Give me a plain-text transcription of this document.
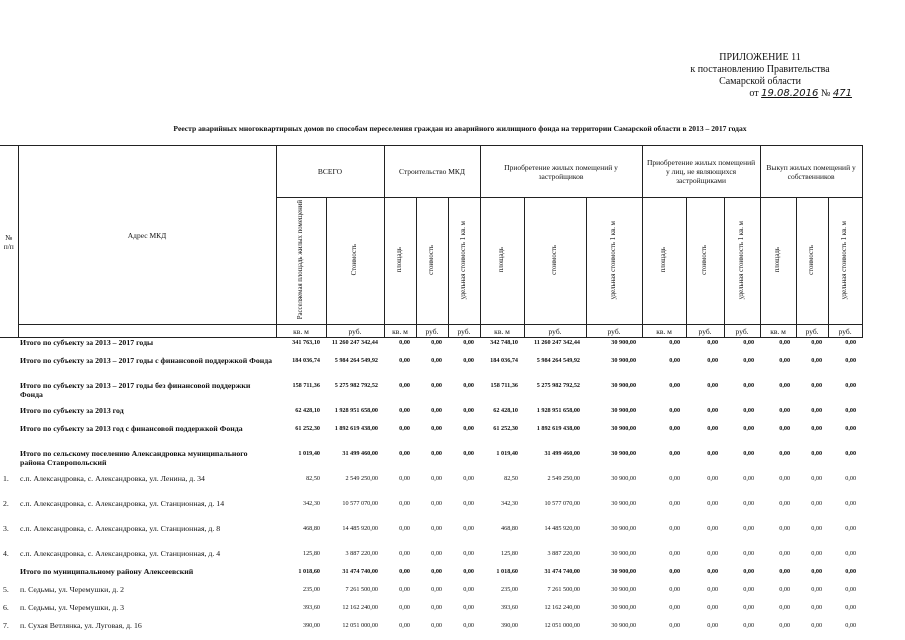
ПРИЛОЖЕНИЕ 11
к постановлению Правительства
Самарской области
от 19.08.2016 № 471
Реестр аварийных многоквартирных домов по способам переселения граждан из аварийного жилищного фонда на территории Самарской области в 2013 – 2017 годах
№ п/п	Адрес МКД	ВСЕГО		Строительство МКД			Приобретение жилых помещений у застройщиков			Приобретение жилых помещений у лиц, не являющихся застройщиками			Выкуп жилых помещений у собственников		
		Расселяемая площадь жилых помещений	Стоимость	площадь	стоимость	удельная стоимость 1 кв. м	площадь	стоимость	удельная стоимость 1 кв. м	площадь	стоимость	удельная стоимость 1 кв. м	площадь	стоимость	удельная стоимость 1 кв. м
		кв. м	руб.	кв. м	руб.	руб.	кв. м	руб.	руб.	кв. м	руб.	руб.	кв. м	руб.	руб.
	Итого по субъекту за 2013 – 2017 годы	341 763,10	11 260 247 342,44	0,00	0,00	0,00	342 748,10	11 260 247 342,44	30 900,00	0,00	0,00	0,00	0,00	0,00	0,00
	Итого по субъекту за 2013 – 2017 годы с финансовой поддержкой Фонда	184 036,74	5 984 264 549,92	0,00	0,00	0,00	184 036,74	5 984 264 549,92	30 900,00	0,00	0,00	0,00	0,00	0,00	0,00
	Итого по субъекту за 2013 – 2017 годы без финансовой поддержки Фонда	158 711,36	5 275 982 792,52	0,00	0,00	0,00	158 711,36	5 275 982 792,52	30 900,00	0,00	0,00	0,00	0,00	0,00	0,00
	Итого по субъекту за 2013 год	62 428,10	1 928 951 658,00	0,00	0,00	0,00	62 428,10	1 928 951 658,00	30 900,00	0,00	0,00	0,00	0,00	0,00	0,00
	Итого по субъекту за 2013 год с финансовой поддержкой Фонда	61 252,30	1 892 619 438,00	0,00	0,00	0,00	61 252,30	1 892 619 438,00	30 900,00	0,00	0,00	0,00	0,00	0,00	0,00
	Итого по сельскому поселению Александровка муниципального района Ставропольский	1 019,40	31 499 460,00	0,00	0,00	0,00	1 019,40	31 499 460,00	30 900,00	0,00	0,00	0,00	0,00	0,00	0,00
1.	с.п. Александровка, с. Александровка, ул. Ленина, д. 34	82,50	2 549 250,00	0,00	0,00	0,00	82,50	2 549 250,00	30 900,00	0,00	0,00	0,00	0,00	0,00	0,00
2.	с.п. Александровка, с. Александровка, ул. Станционная, д. 14	342,30	10 577 070,00	0,00	0,00	0,00	342,30	10 577 070,00	30 900,00	0,00	0,00	0,00	0,00	0,00	0,00
3.	с.п. Александровка, с. Александровка, ул. Станционная, д. 8	468,80	14 485 920,00	0,00	0,00	0,00	468,80	14 485 920,00	30 900,00	0,00	0,00	0,00	0,00	0,00	0,00
4.	с.п. Александровка, с. Александровка, ул. Станционная, д. 4	125,80	3 887 220,00	0,00	0,00	0,00	125,80	3 887 220,00	30 900,00	0,00	0,00	0,00	0,00	0,00	0,00
	Итого по муниципальному району Алексеевский	1 018,60	31 474 740,00	0,00	0,00	0,00	1 018,60	31 474 740,00	30 900,00	0,00	0,00	0,00	0,00	0,00	0,00
5.	п. Седьмы, ул. Черемушки, д. 2	235,00	7 261 500,00	0,00	0,00	0,00	235,00	7 261 500,00	30 900,00	0,00	0,00	0,00	0,00	0,00	0,00
6.	п. Седьмы, ул. Черемушки, д. 3	393,60	12 162 240,00	0,00	0,00	0,00	393,60	12 162 240,00	30 900,00	0,00	0,00	0,00	0,00	0,00	0,00
7.	п. Сухая Ветлянка, ул. Луговая, д. 16	390,00	12 051 000,00	0,00	0,00	0,00	390,00	12 051 000,00	30 900,00	0,00	0,00	0,00	0,00	0,00	0,00
